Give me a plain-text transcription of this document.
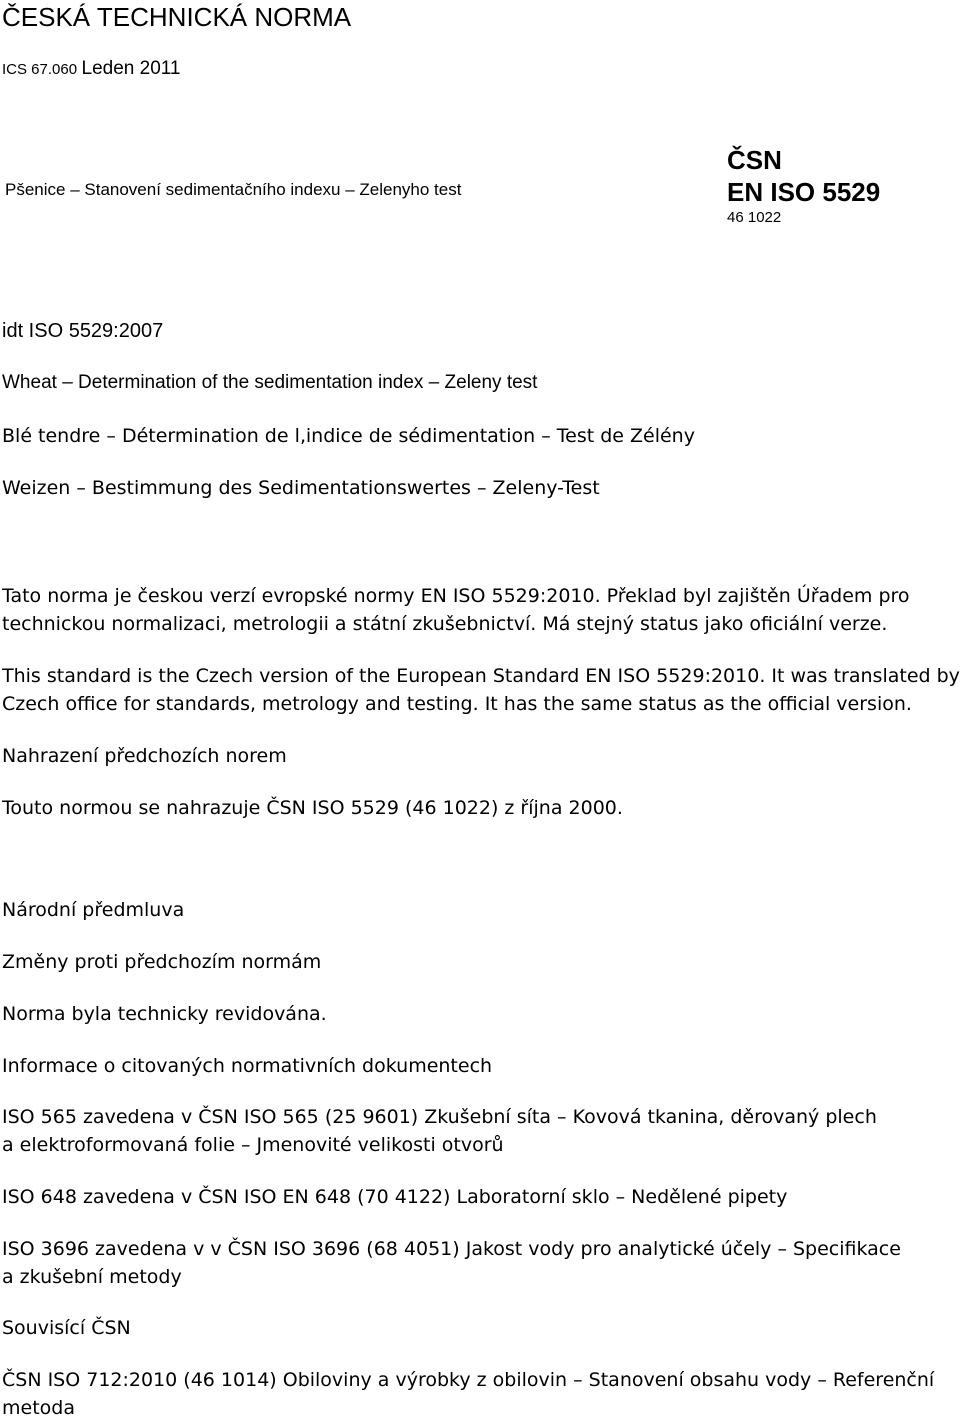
ČESKÁ TECHNICKÁ NORMA
ICS 67.060 Leden 2011
Pšenice – Stanovení sedimentačního indexu – Zelenyho test
ČSN
EN ISO 5529
46 1022
idt ISO 5529:2007
Wheat – Determination of the sedimentation index – Zeleny test
Blé tendre – Détermination de l‚indice de sédimentation – Test de Zélény
Weizen – Bestimmung des Sedimentationswertes – Zeleny-Test
Tato norma je českou verzí evropské normy EN ISO 5529:2010. Překlad byl zajištěn Úřadem pro
technickou normalizaci, metrologii a státní zkušebnictví. Má stejný status jako oficiální verze.
This standard is the Czech version of the European Standard EN ISO 5529:2010. It was translated by
Czech office for standards, metrology and testing. It has the same status as the official version.
Nahrazení předchozích norem
Touto normou se nahrazuje ČSN ISO 5529 (46 1022) z října 2000.
Národní předmluva
Změny proti předchozím normám
Norma byla technicky revidována.
Informace o citovaných normativních dokumentech
ISO 565 zavedena v ČSN ISO 565 (25 9601) Zkušební síta – Kovová tkanina, děrovaný plech
a elektroformovaná folie – Jmenovité velikosti otvorů
ISO 648 zavedena v ČSN ISO EN 648 (70 4122) Laboratorní sklo – Nedělené pipety
ISO 3696 zavedena v v ČSN ISO 3696 (68 4051) Jakost vody pro analytické účely – Specifikace
a zkušební metody
Souvisící ČSN
ČSN ISO 712:2010 (46 1014) Obiloviny a výrobky z obilovin – Stanovení obsahu vody – Referenční
metoda
